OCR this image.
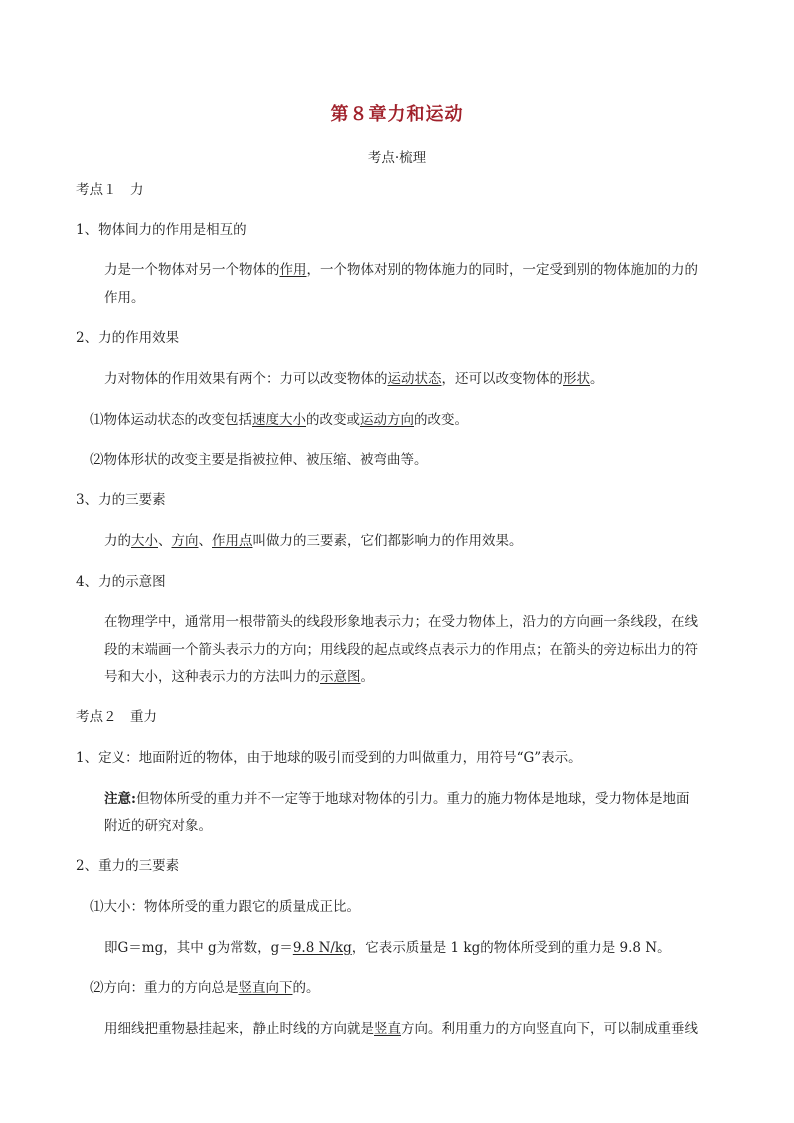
第８章力和运动
考点·梳理
考点１　力
1、物体间力的作用是相互的
力是一个物体对另一个物体的作用，一个物体对别的物体施力的同时，一定受到别的物体施加的力的
作用。
2、力的作用效果
力对物体的作用效果有两个：力可以改变物体的运动状态，还可以改变物体的形状。
⑴物体运动状态的改变包括速度大小的改变或运动方向的改变。
⑵物体形状的改变主要是指被拉伸、被压缩、被弯曲等。
3、力的三要素
力的大小、方向、作用点叫做力的三要素，它们都影响力的作用效果。
4、力的示意图
在物理学中，通常用一根带箭头的线段形象地表示力；在受力物体上，沿力的方向画一条线段，在线
段的末端画一个箭头表示力的方向；用线段的起点或终点表示力的作用点；在箭头的旁边标出力的符
号和大小，这种表示力的方法叫力的示意图。
考点２　重力
1、定义：地面附近的物体，由于地球的吸引而受到的力叫做重力，用符号“G”表示。
注意:但物体所受的重力并不一定等于地球对物体的引力。重力的施力物体是地球，受力物体是地面
附近的研究对象。
2、重力的三要素
⑴大小：物体所受的重力跟它的质量成正比。
即G＝mg，其中 g为常数，g＝9.8 N/kg，它表示质量是 1 kg的物体所受到的重力是 9.8 N。
⑵方向：重力的方向总是竖直向下的。
用细线把重物悬挂起来，静止时线的方向就是竖直方向。利用重力的方向竖直向下，可以制成重垂线
